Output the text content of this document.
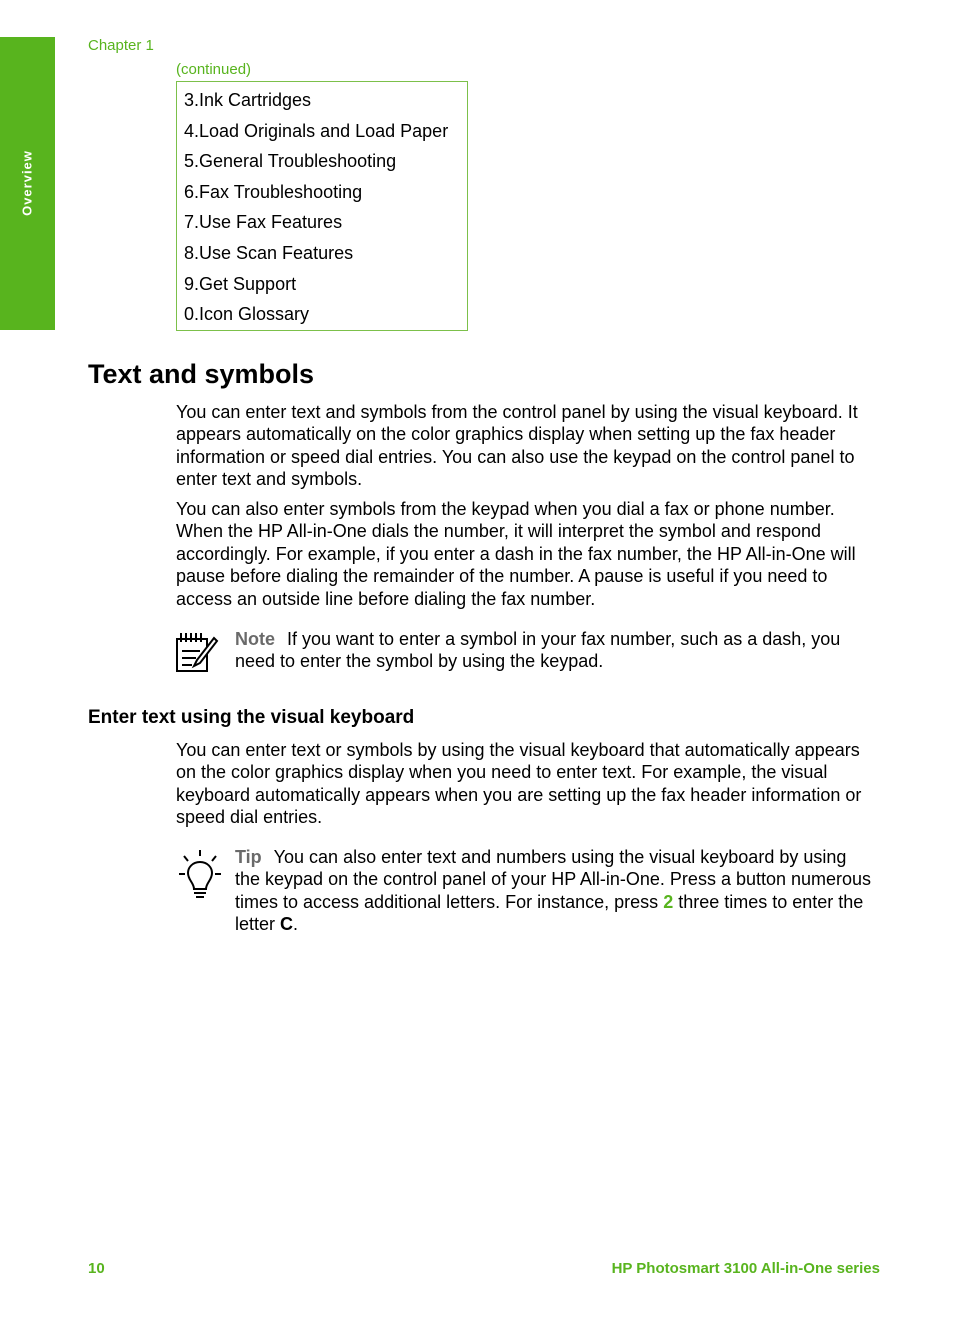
Overview
Chapter 1
(continued)
3.Ink Cartridges
4.Load Originals and Load Paper
5.General Troubleshooting
6.Fax Troubleshooting
7.Use Fax Features
8.Use Scan Features
9.Get Support
0.Icon Glossary
Text and symbols

You can enter text and symbols from the control panel by using the visual keyboard. It appears automatically on the color graphics display when setting up the fax header information or speed dial entries. You can also use the keypad on the control panel to enter text and symbols.

You can also enter symbols from the keypad when you dial a fax or phone number. When the HP All-in-One dials the number, it will interpret the symbol and respond accordingly. For example, if you enter a dash in the fax number, the HP All-in-One will pause before dialing the remainder of the number. A pause is useful if you need to access an outside line before dialing the fax number.

Note If you want to enter a symbol in your fax number, such as a dash, you need to enter the symbol by using the keypad.

Enter text using the visual keyboard

You can enter text or symbols by using the visual keyboard that automatically appears on the color graphics display when you need to enter text. For example, the visual keyboard automatically appears when you are setting up the fax header information or speed dial entries.

Tip You can also enter text and numbers using the visual keyboard by using the keypad on the control panel of your HP All-in-One. Press a button numerous times to access additional letters. For instance, press 2 three times to enter the letter C.

10	HP Photosmart 3100 All-in-One series
